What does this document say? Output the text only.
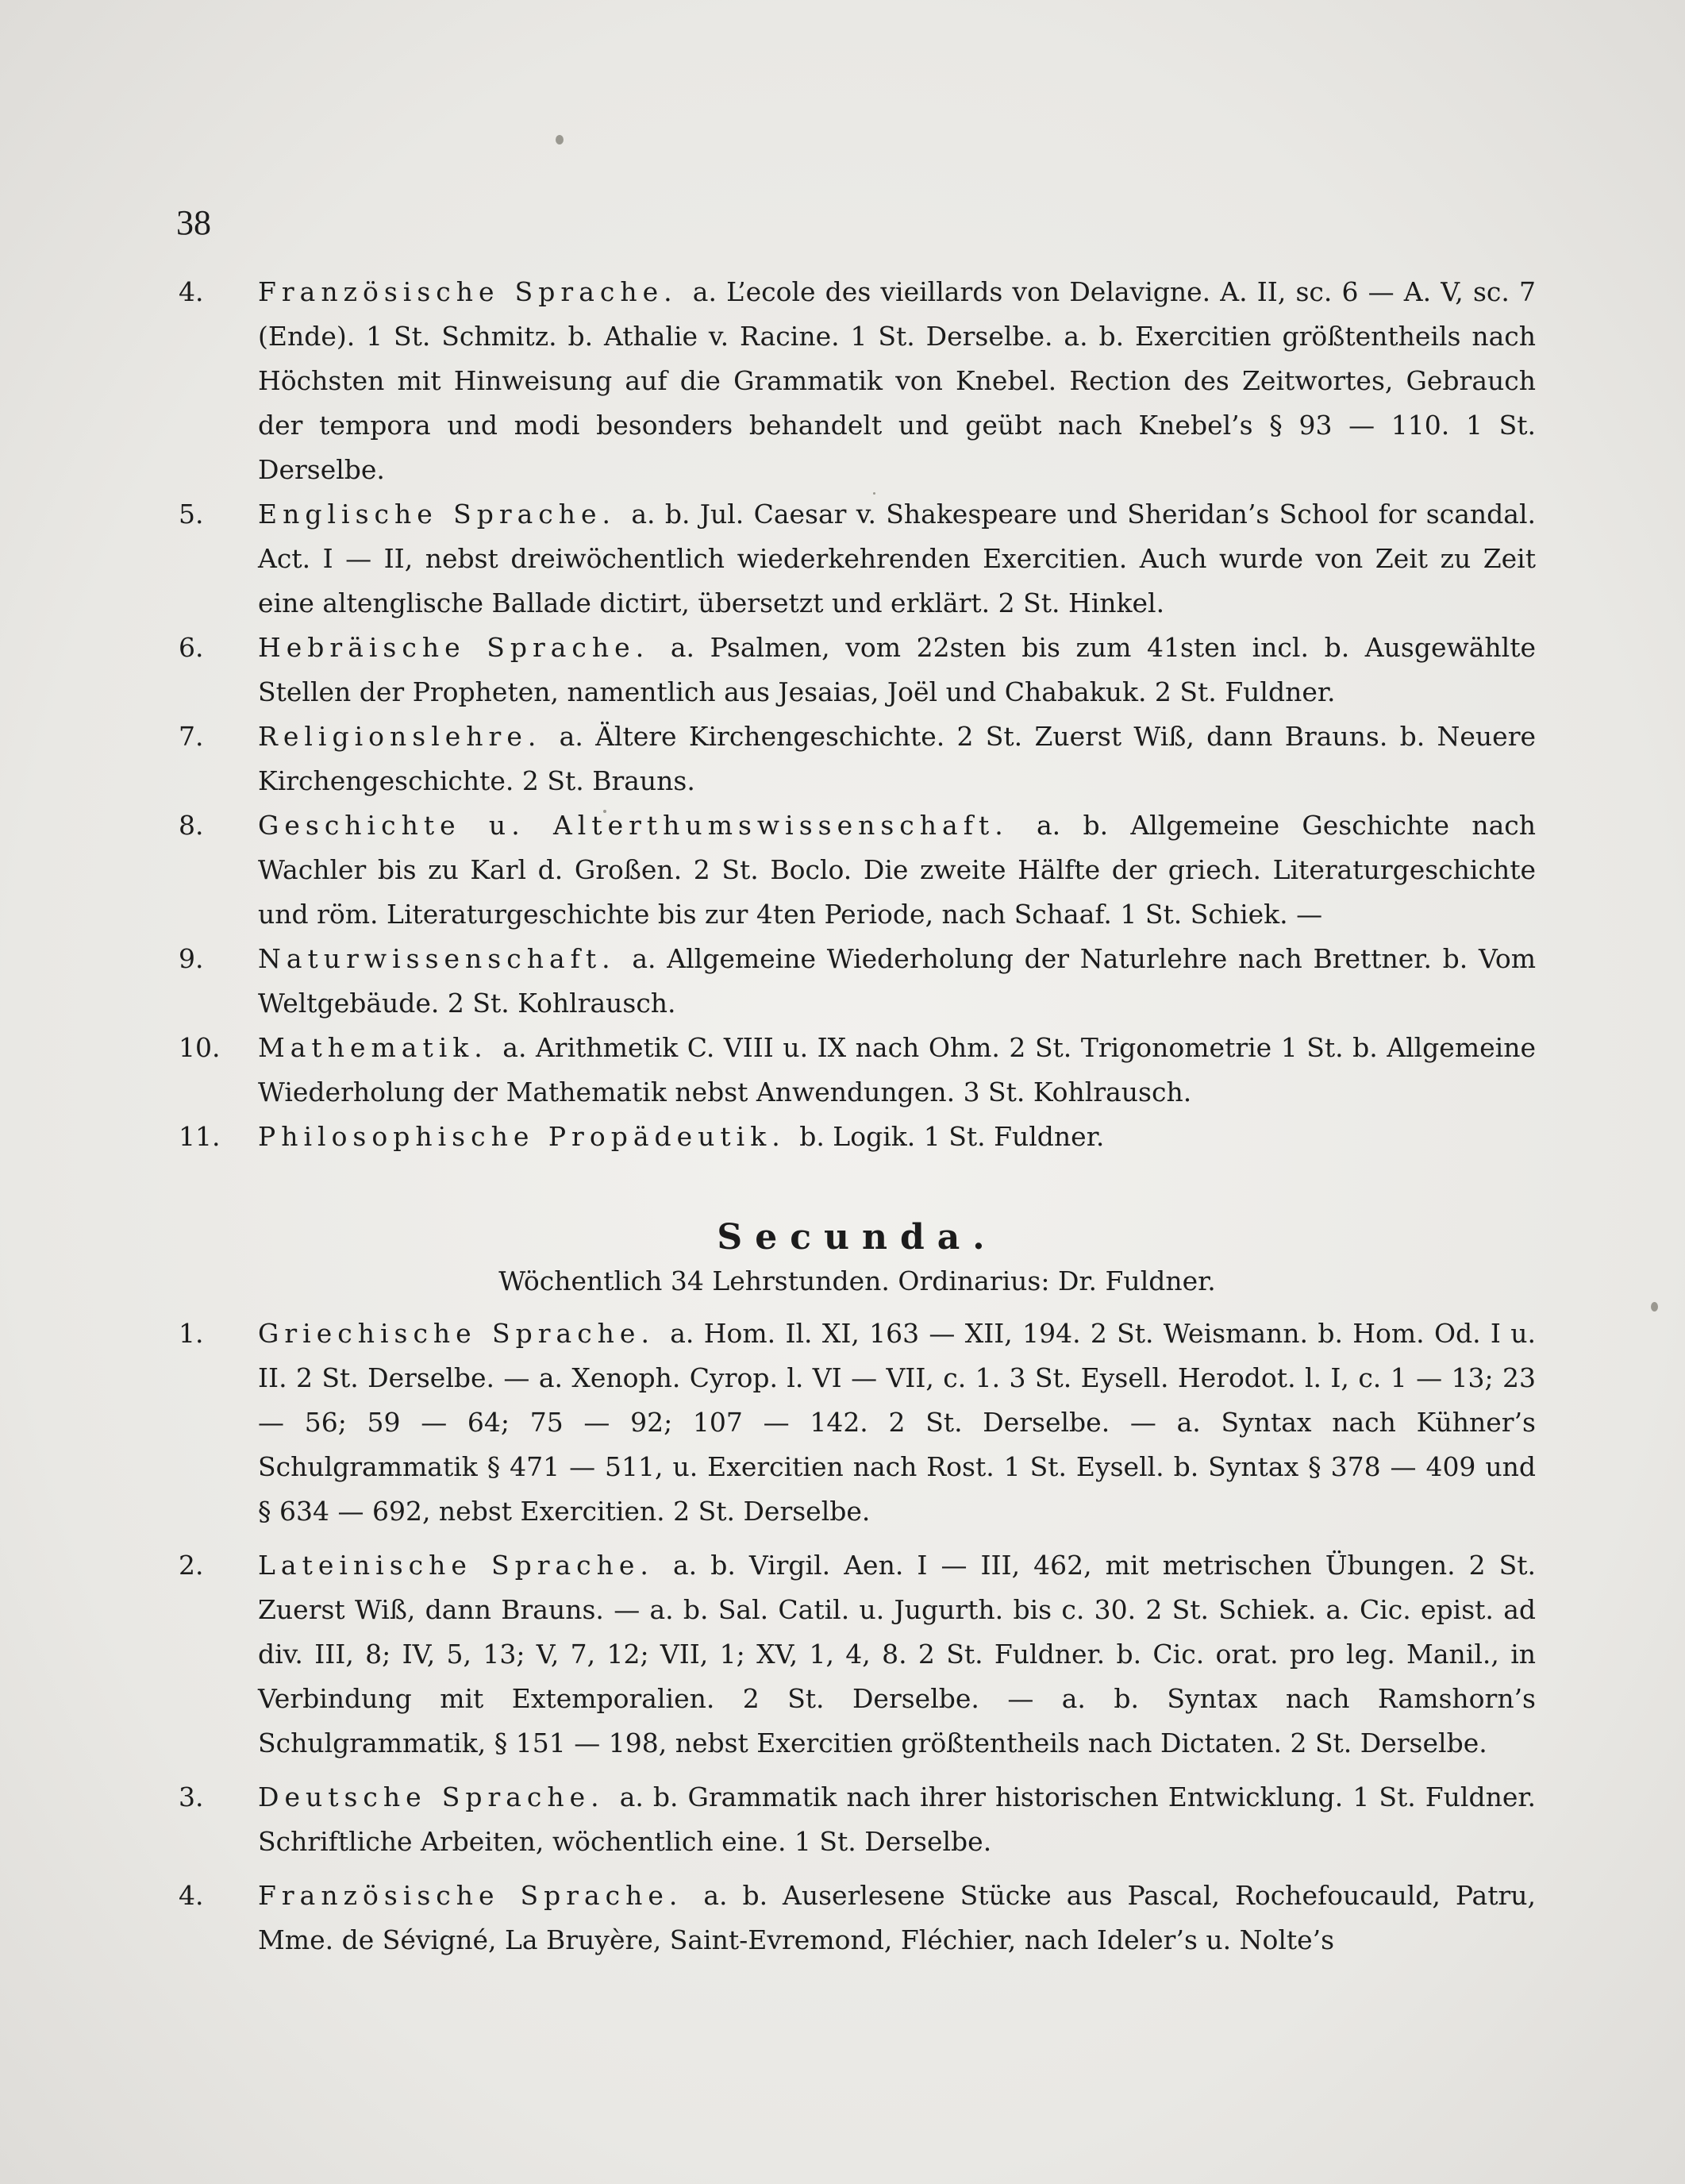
38
4. Französische Sprache. a. L’ecole des vieillards von Delavigne. A. II, sc. 6 — A. V, sc. 7 (Ende). 1 St. Schmitz. b. Athalie v. Racine. 1 St. Derselbe. a. b. Exercitien größtentheils nach Höchsten mit Hinweisung auf die Grammatik von Knebel. Rection des Zeitwortes, Gebrauch der tempora und modi besonders behandelt und geübt nach Knebel’s § 93 — 110. 1 St. Derselbe.
5. Englische Sprache. a. b. Jul. Caesar v. Shakespeare und Sheridan’s School for scandal. Act. I — II, nebst dreiwöchentlich wiederkehrenden Exercitien. Auch wurde von Zeit zu Zeit eine altenglische Ballade dictirt, übersetzt und erklärt. 2 St. Hinkel.
6. Hebräische Sprache. a. Psalmen, vom 22sten bis zum 41sten incl. b. Ausgewählte Stellen der Propheten, namentlich aus Jesaias, Joël und Chabakuk. 2 St. Fuldner.
7. Religionslehre. a. Ältere Kirchengeschichte. 2 St. Zuerst Wiß, dann Brauns. b. Neuere Kirchengeschichte. 2 St. Brauns.
8. Geschichte u. Alterthumswissenschaft. a. b. Allgemeine Geschichte nach Wachler bis zu Karl d. Großen. 2 St. Boclo. Die zweite Hälfte der griech. Literaturgeschichte und röm. Literaturgeschichte bis zur 4ten Periode, nach Schaaf. 1 St. Schiek. —
9. Naturwissenschaft. a. Allgemeine Wiederholung der Naturlehre nach Brettner. b. Vom Weltgebäude. 2 St. Kohlrausch.
10. Mathematik. a. Arithmetik C. VIII u. IX nach Ohm. 2 St. Trigonometrie 1 St. b. Allgemeine Wiederholung der Mathematik nebst Anwendungen. 3 St. Kohlrausch.
11. Philosophische Propädeutik. b. Logik. 1 St. Fuldner.
Secunda.
Wöchentlich 34 Lehrstunden. Ordinarius: Dr. Fuldner.
1. Griechische Sprache. a. Hom. Il. XI, 163 — XII, 194. 2 St. Weismann. b. Hom. Od. I u. II. 2 St. Derselbe. — a. Xenoph. Cyrop. l. VI — VII, c. 1. 3 St. Eysell. Herodot. l. I, c. 1 — 13; 23 — 56; 59 — 64; 75 — 92; 107 — 142. 2 St. Derselbe. — a. Syntax nach Kühner’s Schulgrammatik § 471 — 511, u. Exercitien nach Rost. 1 St. Eysell. b. Syntax § 378 — 409 und § 634 — 692, nebst Exercitien. 2 St. Derselbe.
2. Lateinische Sprache. a. b. Virgil. Aen. I — III, 462, mit metrischen Übungen. 2 St. Zuerst Wiß, dann Brauns. — a. b. Sal. Catil. u. Jugurth. bis c. 30. 2 St. Schiek. a. Cic. epist. ad div. III, 8; IV, 5, 13; V, 7, 12; VII, 1; XV, 1, 4, 8. 2 St. Fuldner. b. Cic. orat. pro leg. Manil., in Verbindung mit Extemporalien. 2 St. Derselbe. — a. b. Syntax nach Ramshorn’s Schulgrammatik, § 151 — 198, nebst Exercitien größtentheils nach Dictaten. 2 St. Derselbe.
3. Deutsche Sprache. a. b. Grammatik nach ihrer historischen Entwicklung. 1 St. Fuldner. Schriftliche Arbeiten, wöchentlich eine. 1 St. Derselbe.
4. Französische Sprache. a. b. Auserlesene Stücke aus Pascal, Rochefoucauld, Patru, Mme. de Sévigné, La Bruyère, Saint-Evremond, Fléchier, nach Ideler’s u. Nolte’s
